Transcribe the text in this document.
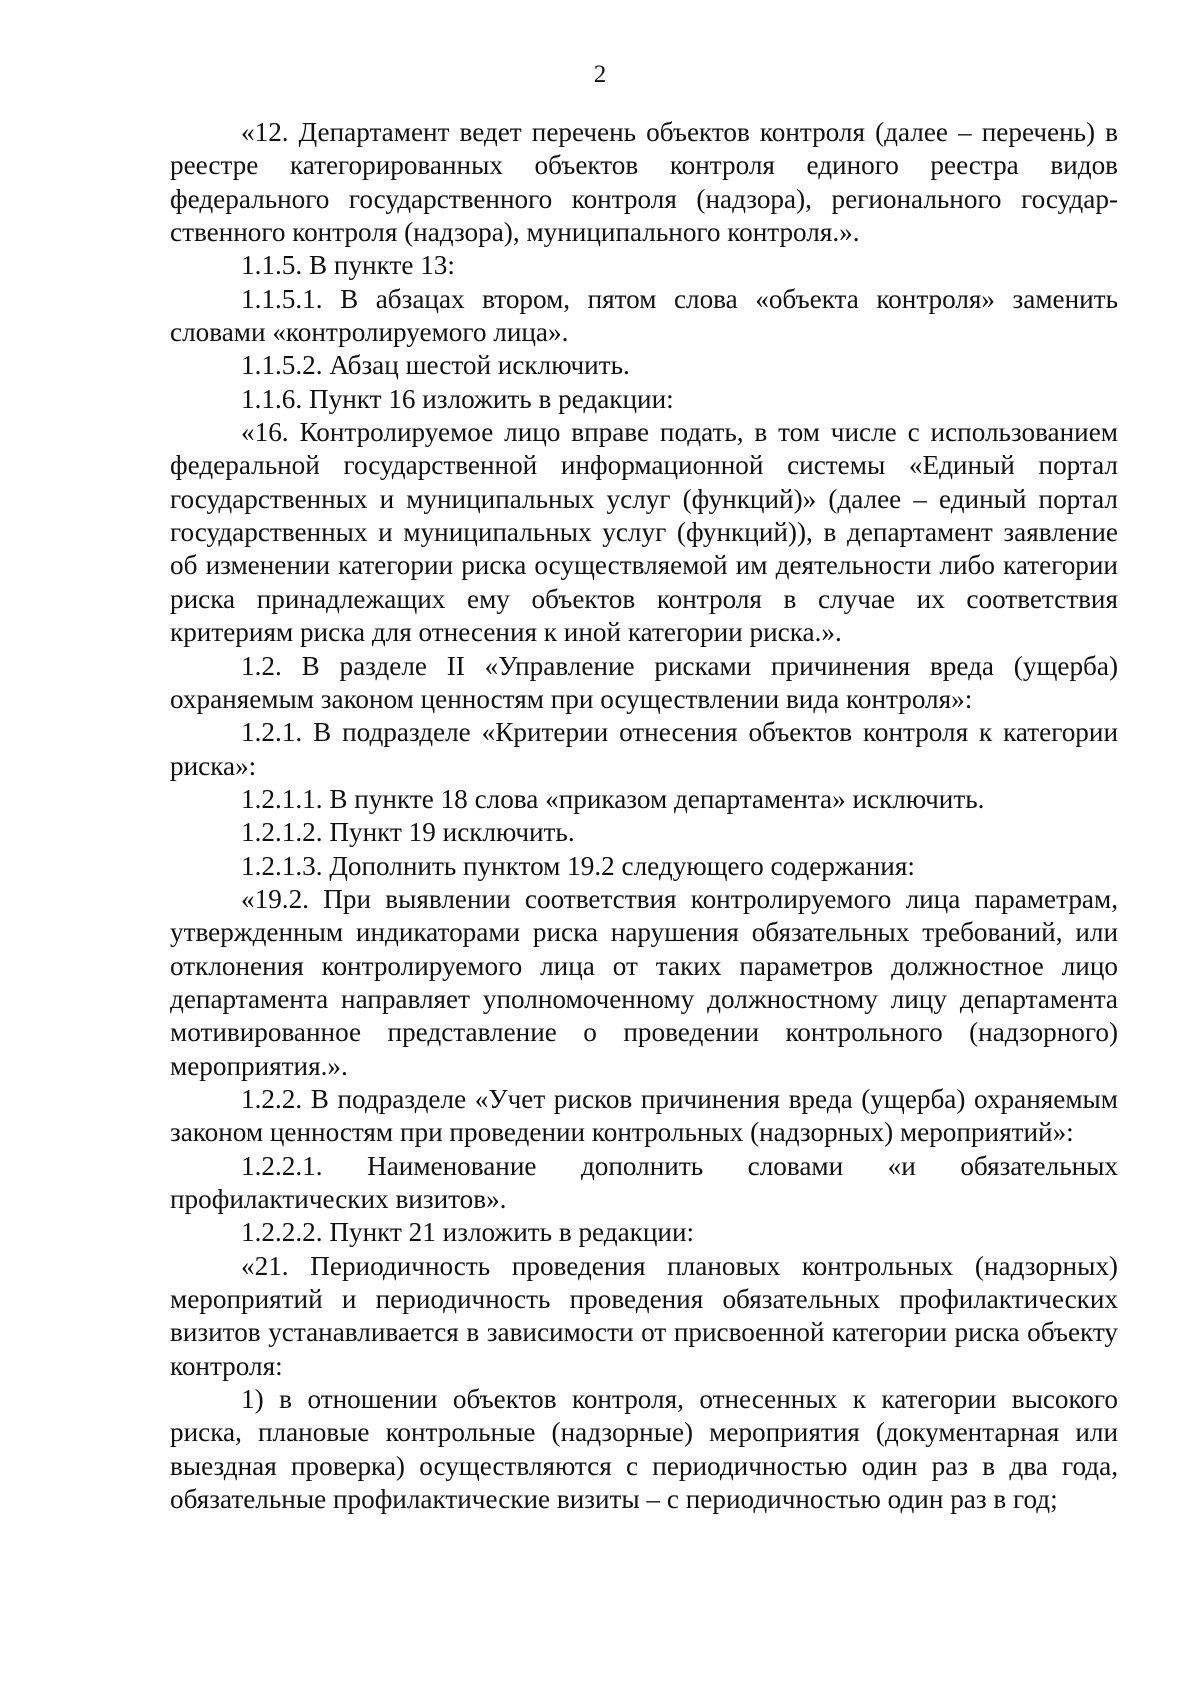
2

«12. Департамент ведет перечень объектов контроля (далее – перечень) в реестре категорированных объектов контроля единого реестра видов федерального государственного контроля (надзора), регионального государственного контроля (надзора), муниципального контроля.».

1.1.5. В пункте 13:

1.1.5.1. В абзацах втором, пятом слова «объекта контроля» заменить словами «контролируемого лица».

1.1.5.2. Абзац шестой исключить.

1.1.6. Пункт 16 изложить в редакции:

«16. Контролируемое лицо вправе подать, в том числе с использованием федеральной государственной информационной системы «Единый портал государственных и муниципальных услуг (функций)» (далее – единый портал государственных и муниципальных услуг (функций)), в департамент заявление об изменении категории риска осуществляемой им деятельности либо категории риска принадлежащих ему объектов контроля в случае их соответствия критериям риска для отнесения к иной категории риска.».

1.2. В разделе II «Управление рисками причинения вреда (ущерба) охраняемым законом ценностям при осуществлении вида контроля»:

1.2.1. В подразделе «Критерии отнесения объектов контроля к категории риска»:

1.2.1.1. В пункте 18 слова «приказом департамента» исключить.

1.2.1.2. Пункт 19 исключить.

1.2.1.3. Дополнить пунктом 19.2 следующего содержания:

«19.2. При выявлении соответствия контролируемого лица параметрам, утвержденным индикаторами риска нарушения обязательных требований, или отклонения контролируемого лица от таких параметров должностное лицо департамента направляет уполномоченному должностному лицу департамента мотивированное представление о проведении контрольного (надзорного) мероприятия.».

1.2.2. В подразделе «Учет рисков причинения вреда (ущерба) охраняемым законом ценностям при проведении контрольных (надзорных) мероприятий»:

1.2.2.1. Наименование дополнить словами «и обязательных

профилактических визитов».

1.2.2.2. Пункт 21 изложить в редакции:

«21. Периодичность проведения плановых контрольных (надзорных) мероприятий и периодичность проведения обязательных профилактических визитов устанавливается в зависимости от присвоенной категории риска объекту контроля:

1) в отношении объектов контроля, отнесенных к категории высокого риска, плановые контрольные (надзорные) мероприятия (документарная или выездная проверка) осуществляются с периодичностью один раз в два года, обязательные профилактические визиты – с периодичностью один раз в год;
